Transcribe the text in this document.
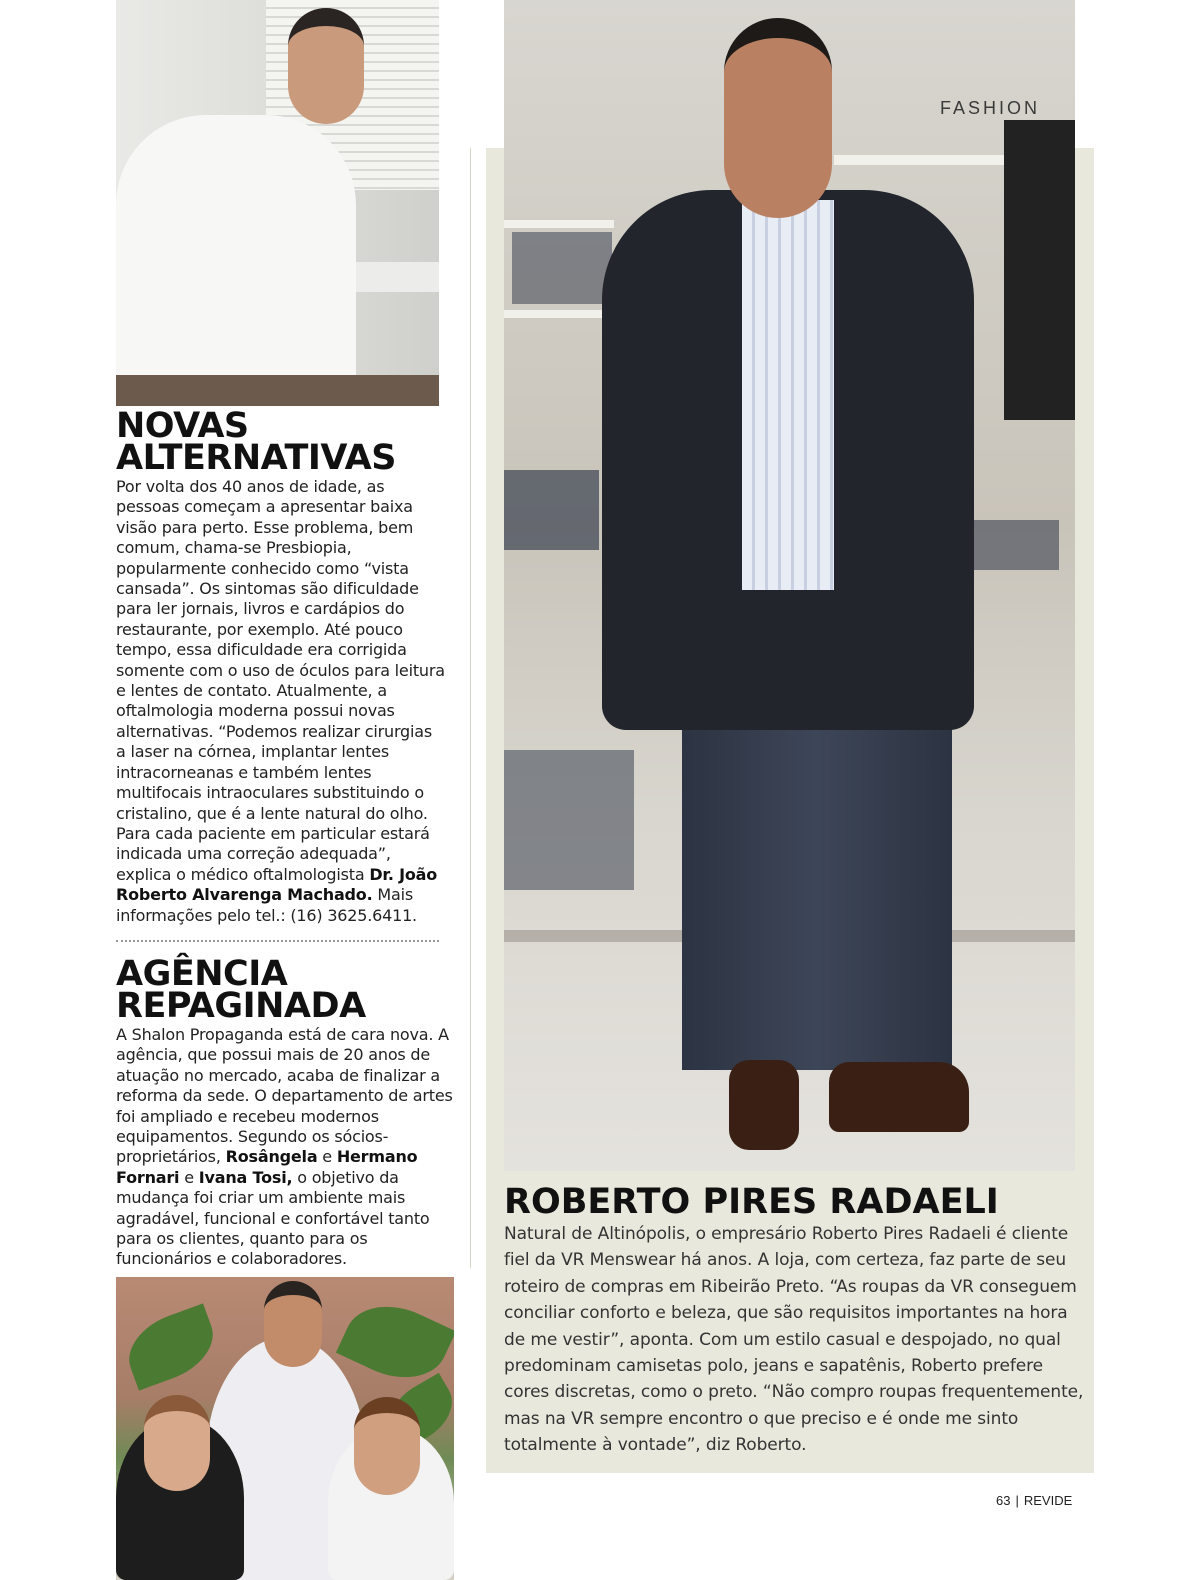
FASHION
NOVAS
ALTERNATIVAS

Por volta dos 40 anos de idade, as pessoas começam a apresentar baixa visão para perto. Esse problema, bem comum, chama-se Presbiopia, popularmente conhecido como “vista cansada”. Os sintomas são dificuldade para ler jornais, livros e cardápios do restaurante, por exemplo. Até pouco tempo, essa dificuldade era corrigida somente com o uso de óculos para leitura e lentes de contato. Atualmente, a oftalmologia moderna possui novas alternativas. “Podemos realizar cirurgias a laser na córnea, implantar lentes intracorneanas e também lentes multifocais intraoculares substituindo o cristalino, que é a lente natural do olho. Para cada paciente em particular estará indicada uma correção adequada”, explica o médico oftalmologista Dr. João Roberto Alvarenga Machado. Mais informações pelo tel.: (16) 3625.6411.

AGÊNCIA
REPAGINADA

A Shalon Propaganda está de cara nova. A agência, que possui mais de 20 anos de atuação no mercado, acaba de finalizar a reforma da sede. O departamento de artes foi ampliado e recebeu modernos equipamentos. Segundo os sócios-proprietários, Rosângela e Hermano Fornari e Ivana Tosi, o objetivo da mudança foi criar um ambiente mais agradável, funcional e confortável tanto para os clientes, quanto para os funcionários e colaboradores.

ROBERTO PIRES RADAELI

Natural de Altinópolis, o empresário Roberto Pires Radaeli é cliente fiel da VR Menswear há anos. A loja, com certeza, faz parte de seu roteiro de compras em Ribeirão Preto. “As roupas da VR conseguem conciliar conforto e beleza, que são requisitos importantes na hora de me vestir”, aponta. Com um estilo casual e despojado, no qual predominam camisetas polo, jeans e sapatênis, Roberto prefere cores discretas, como o preto. “Não compro roupas frequentemente, mas na VR sempre encontro o que preciso e é onde me sinto totalmente à vontade”, diz Roberto.

63 | REVIDE
